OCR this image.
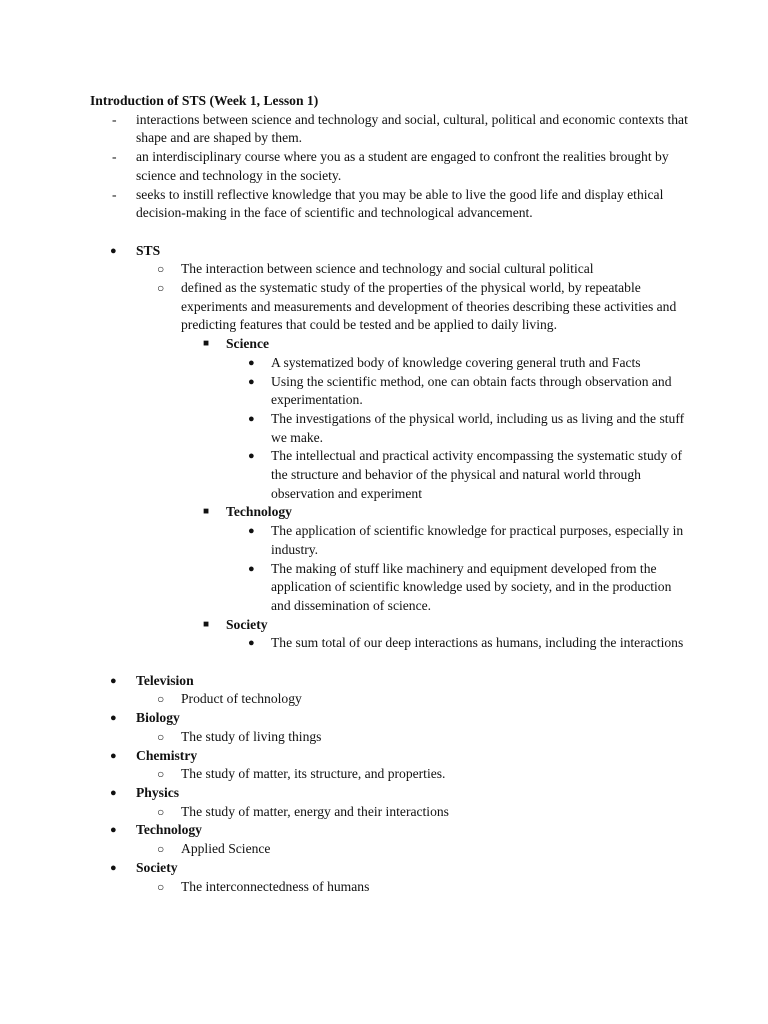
Introduction of STS (Week 1, Lesson 1)

- interactions between science and technology and social, cultural, political and economic contexts that shape and are shaped by them.
- an interdisciplinary course where you as a student are engaged to confront the realities brought by science and technology in the society.
- seeks to instill reflective knowledge that you may be able to live the good life and display ethical decision-making in the face of scientific and technological advancement.
● STS
○ The interaction between science and technology and social cultural political
○ defined as the systematic study of the properties of the physical world, by repeatable experiments and measurements and development of theories describing these activities and predicting features that could be tested and be applied to daily living.
■ Science
● A systematized body of knowledge covering general truth and Facts
● Using the scientific method, one can obtain facts through observation and experimentation.
● The investigations of the physical world, including us as living and the stuff we make.
● The intellectual and practical activity encompassing the systematic study of the structure and behavior of the physical and natural world through observation and experiment
■ Technology
● The application of scientific knowledge for practical purposes, especially in industry.
● The making of stuff like machinery and equipment developed from the application of scientific knowledge used by society, and in the production and dissemination of science.
■ Society
● The sum total of our deep interactions as humans, including the interactions
● Television
○ Product of technology
● Biology
○ The study of living things
● Chemistry
○ The study of matter, its structure, and properties.
● Physics
○ The study of matter, energy and their interactions
● Technology
○ Applied Science
● Society
○ The interconnectedness of humans
